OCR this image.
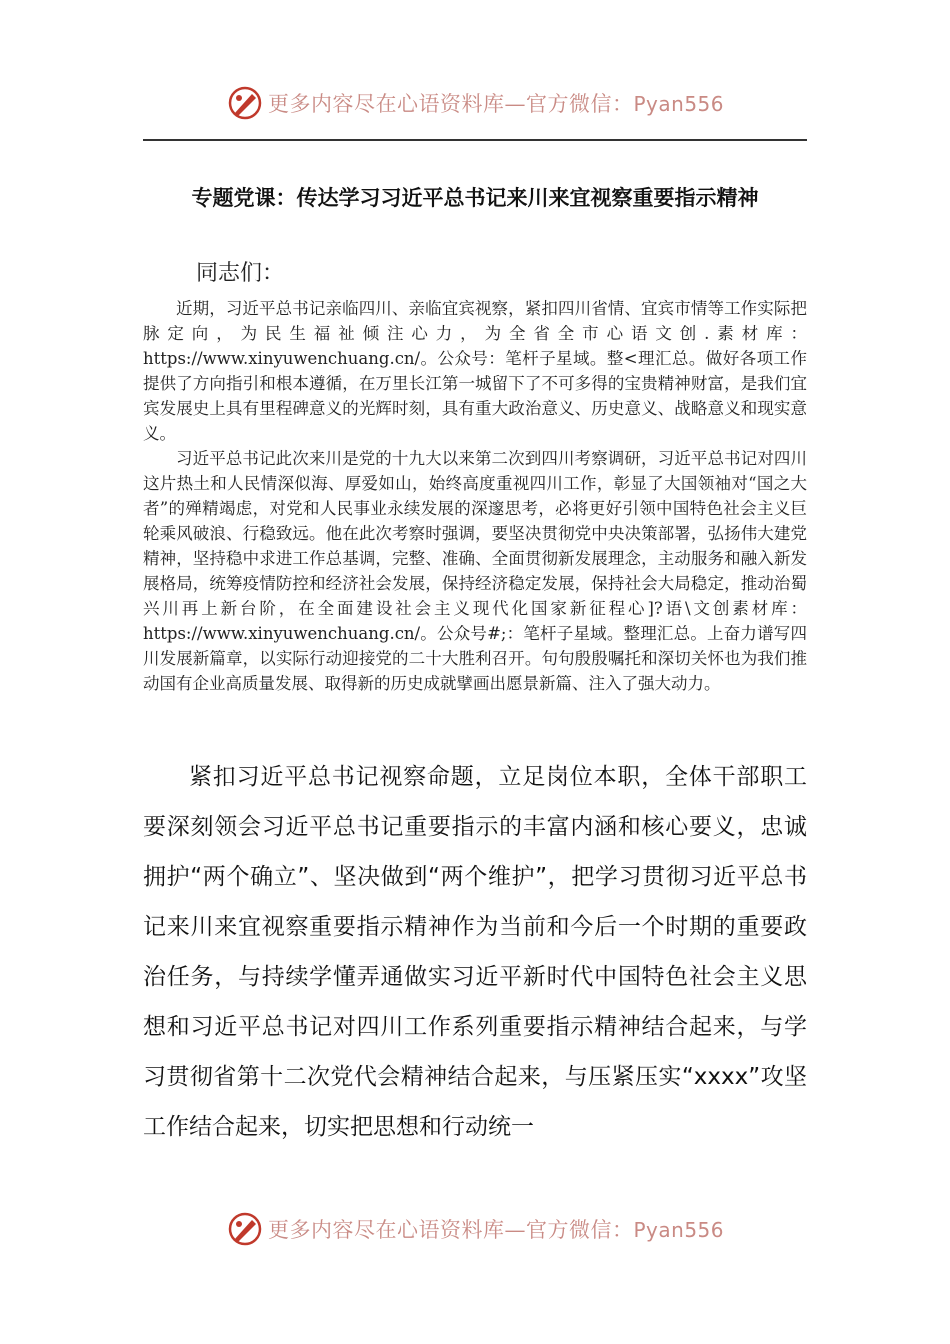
更多内容尽在心语资料库—官方微信：Pyan556
专题党课：传达学习习近平总书记来川来宜视察重要指示精神
同志们：

近期，习近平总书记亲临四川、亲临宜宾视察，紧扣四川省情、宜宾市情等工作实际把脉定向，为民生福祉倾注心力，为全省全市心语文创.素材库：https://www.xinyuwenchuang.cn/。公众号：笔杆子星域。整<理汇总。做好各项工作提供了方向指引和根本遵循，在万里长江第一城留下了不可多得的宝贵精神财富，是我们宜宾发展史上具有里程碑意义的光辉时刻，具有重大政治意义、历史意义、战略意义和现实意义。

习近平总书记此次来川是党的十九大以来第二次到四川考察调研，习近平总书记对四川这片热土和人民情深似海、厚爱如山，始终高度重视四川工作，彰显了大国领袖对“国之大者”的殚精竭虑，对党和人民事业永续发展的深邃思考，必将更好引领中国特色社会主义巨轮乘风破浪、行稳致远。他在此次考察时强调，要坚决贯彻党中央决策部署，弘扬伟大建党精神，坚持稳中求进工作总基调，完整、准确、全面贯彻新发展理念，主动服务和融入新发展格局，统筹疫情防控和经济社会发展，保持经济稳定发展，保持社会大局稳定，推动治蜀兴川再上新台阶，在全面建设社会主义现代化国家新征程心]?语\文创素材库：https://www.xinyuwenchuang.cn/。公众号#;：笔杆子星域。整理汇总。上奋力谱写四川发展新篇章，以实际行动迎接党的二十大胜利召开。句句殷殷嘱托和深切关怀也为我们推动国有企业高质量发展、取得新的历史成就擘画出愿景新篇、注入了强大动力。

紧扣习近平总书记视察命题，立足岗位本职，全体干部职工要深刻领会习近平总书记重要指示的丰富内涵和核心要义，忠诚拥护“两个确立”、坚决做到“两个维护”，把学习贯彻习近平总书记来川来宜视察重要指示精神作为当前和今后一个时期的重要政治任务，与持续学懂弄通做实习近平新时代中国特色社会主义思想和习近平总书记对四川工作系列重要指示精神结合起来，与学习贯彻省第十二次党代会精神结合起来，与压紧压实“xxxx”攻坚工作结合起来，切实把思想和行动统一

更多内容尽在心语资料库—官方微信：Pyan556
